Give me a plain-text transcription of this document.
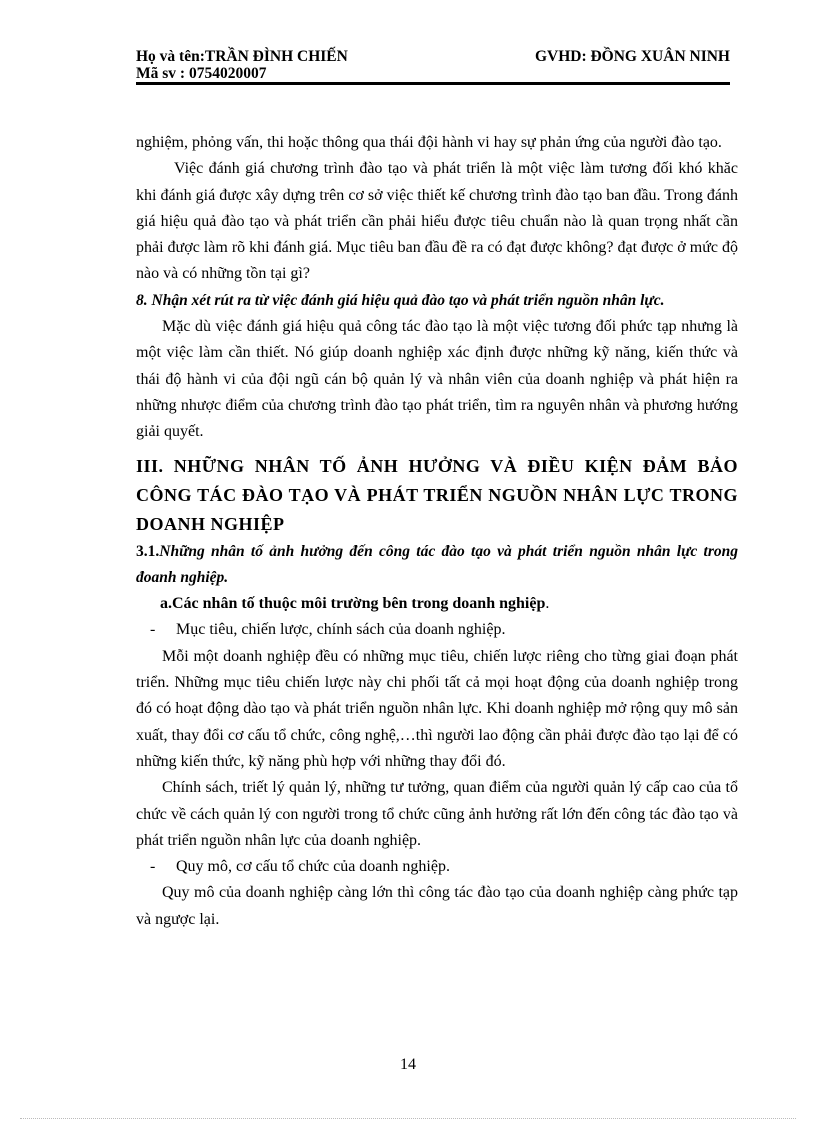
Họ và tên:TRẦN ĐÌNH CHIẾN	GVHD: ĐỒNG XUÂN NINH
Mã sv : 0754020007

nghiệm, phỏng vấn, thi hoặc thông qua thái đội hành vi hay sự phản ứng của người đào tạo.

Việc đánh giá chương trình đào tạo và phát triển là một việc làm tương đối khó khăc khi đánh giá được xây dựng trên cơ sở việc thiết kế chương trình đào tạo ban đầu. Trong đánh giá hiệu quả đào tạo và phát triển cần phải hiểu được tiêu chuẩn nào là quan trọng nhất cần phải được làm rõ khi đánh giá. Mục tiêu ban đầu đề ra có đạt được không? đạt được ở mức độ nào và có những tồn tại gì?

8. Nhận xét rút ra từ việc đánh giá hiệu quả đào tạo và phát triển nguồn nhân lực.

Mặc dù việc đánh giá hiệu quả công tác đào tạo là một việc tương đối phức tạp nhưng là một việc làm cần thiết. Nó giúp doanh nghiệp xác định được những kỹ năng, kiến thức và thái độ hành vi của đội ngũ cán bộ quản lý và nhân viên của doanh nghiệp và phát hiện ra những nhược điểm của chương trình đào tạo phát triển, tìm ra nguyên nhân và phương hướng giải quyết.

III. NHỮNG NHÂN TỐ ẢNH HƯỞNG VÀ ĐIỀU KIỆN ĐẢM BẢO CÔNG TÁC ĐÀO TẠO VÀ PHÁT TRIỂN NGUỒN NHÂN LỰC TRONG DOANH NGHIỆP

3.1.Những nhân tố ảnh hưởng đến công tác đào tạo và phát triển nguồn nhân lực trong đoanh nghiệp.

a.Các nhân tố thuộc môi trường bên trong doanh nghiệp.

- Mục tiêu, chiến lược, chính sách của doanh nghiệp.

Mỗi một doanh nghiệp đều có những mục tiêu, chiến lược riêng cho từng giai đoạn phát triển. Những mục tiêu chiến lược này chi phối tất cả mọi hoạt động của doanh nghiệp trong đó có hoạt động dào tạo và phát triển nguồn nhân lực. Khi doanh nghiệp mở rộng quy mô sản xuất, thay đổi cơ cấu tổ chức, công nghệ,…thì người lao động cần phải được đào tạo lại để có những kiến thức, kỹ năng phù hợp với những thay đổi đó.

Chính sách, triết lý quản lý, những tư tưởng, quan điểm của người quản lý cấp cao của tổ chức về cách quản lý con người trong tổ chức cũng ảnh hưởng rất lớn đến công tác đào tạo và phát triển nguồn nhân lực của doanh nghiệp.

- Quy mô, cơ cấu tổ chức của doanh nghiệp.

Quy mô của doanh nghiệp càng lớn thì công tác đào tạo của doanh nghiệp càng phức tạp và ngược lại.

14
